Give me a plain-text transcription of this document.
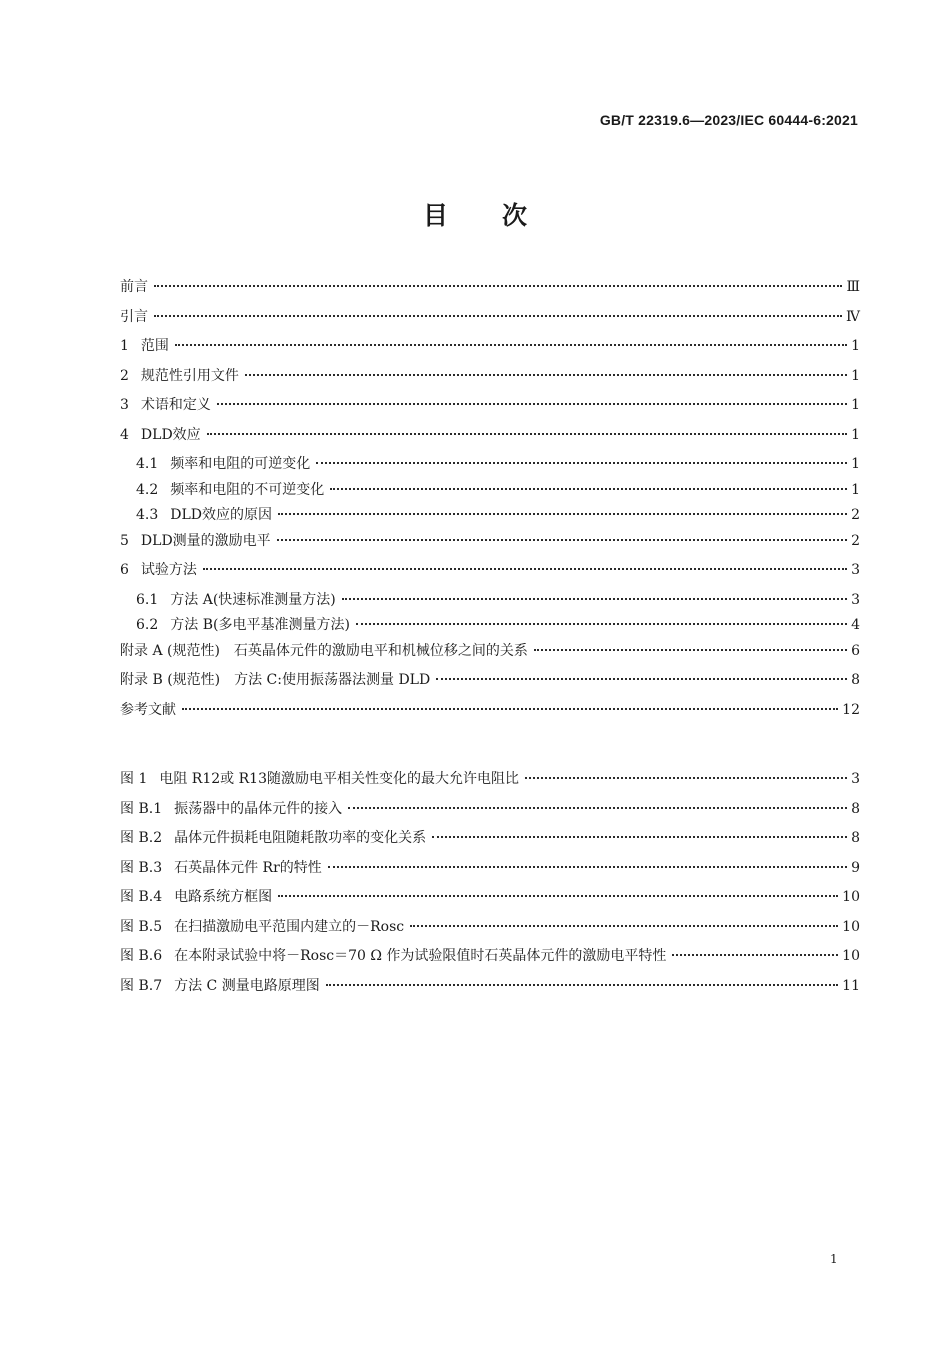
GB/T 22319.6—2023/IEC 60444-6:2021
目次
前言	Ⅲ
引言	Ⅳ
1 范围	1
2 规范性引用文件	1
3 术语和定义	1
4 DLD效应	1
4.1 频率和电阻的可逆变化	1
4.2 频率和电阻的不可逆变化	1
4.3 DLD效应的原因	2
5 DLD测量的激励电平	2
6 试验方法	3
6.1 方法 A(快速标准测量方法)	3
6.2 方法 B(多电平基准测量方法)	4
附录 A (规范性)　石英晶体元件的激励电平和机械位移之间的关系	6
附录 B (规范性)　方法 C:使用振荡器法测量 DLD	8
参考文献	12
图 1 电阻 R12或 R13随激励电平相关性变化的最大允许电阻比	3
图 B.1 振荡器中的晶体元件的接入	8
图 B.2 晶体元件损耗电阻随耗散功率的变化关系	8
图 B.3 石英晶体元件 Rr的特性	9
图 B.4 电路系统方框图	10
图 B.5 在扫描激励电平范围内建立的－Rosc	10
图 B.6 在本附录试验中将－Rosc＝70 Ω 作为试验限值时石英晶体元件的激励电平特性	10
图 B.7 方法 C 测量电路原理图	11
1
